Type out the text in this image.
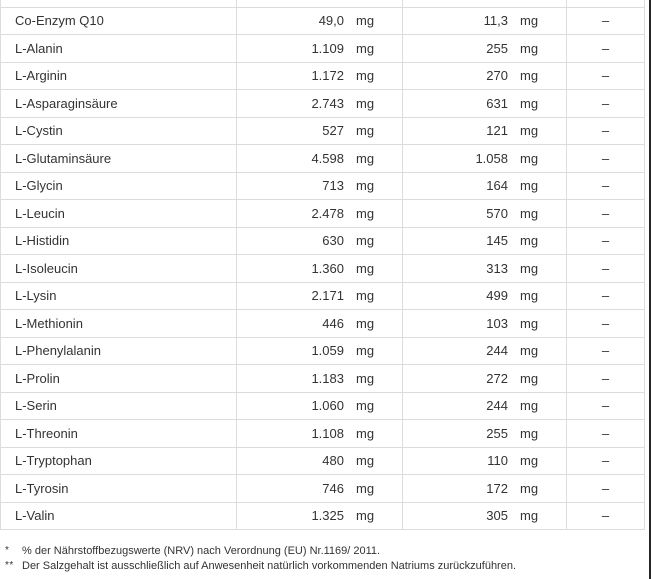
Co-Enzym Q10	49,0 mg	11,3 mg	–
L-Alanin	1.109 mg	255 mg	–
L-Arginin	1.172 mg	270 mg	–
L-Asparaginsäure	2.743 mg	631 mg	–
L-Cystin	527 mg	121 mg	–
L-Glutaminsäure	4.598 mg	1.058 mg	–
L-Glycin	713 mg	164 mg	–
L-Leucin	2.478 mg	570 mg	–
L-Histidin	630 mg	145 mg	–
L-Isoleucin	1.360 mg	313 mg	–
L-Lysin	2.171 mg	499 mg	–
L-Methionin	446 mg	103 mg	–
L-Phenylalanin	1.059 mg	244 mg	–
L-Prolin	1.183 mg	272 mg	–
L-Serin	1.060 mg	244 mg	–
L-Threonin	1.108 mg	255 mg	–
L-Tryptophan	480 mg	110 mg	–
L-Tyrosin	746 mg	172 mg	–
L-Valin	1.325 mg	305 mg	–
*	% der Nährstoffbezugswerte (NRV) nach Verordnung (EU) Nr.1169/ 2011.
** Der Salzgehalt ist ausschließlich auf Anwesenheit natürlich vorkommenden Natriums zurückzuführen.
